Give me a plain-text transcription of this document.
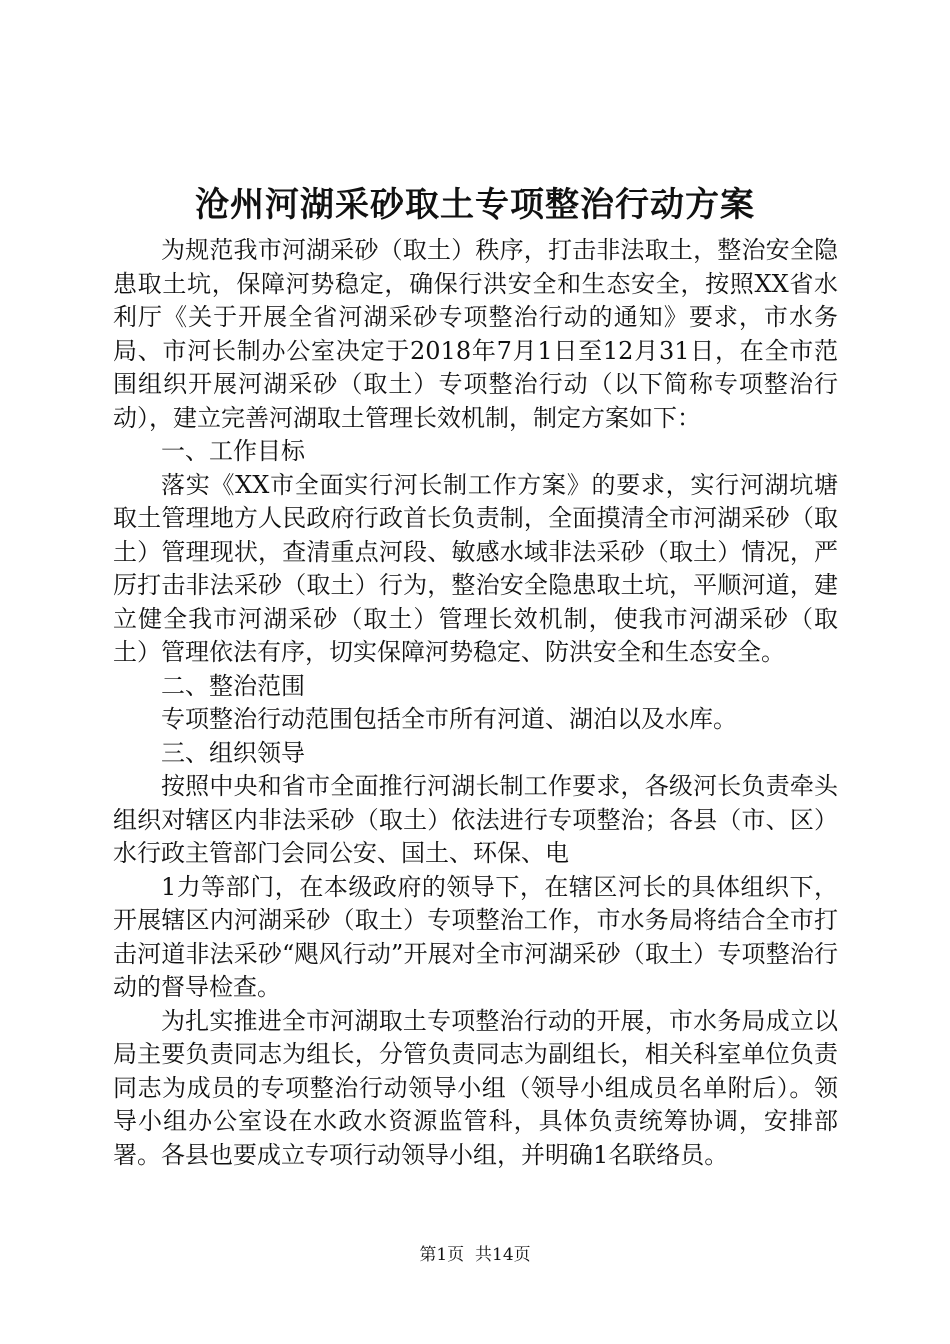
沧州河湖采砂取土专项整治行动方案

为规范我市河湖采砂（取土）秩序，打击非法取土，整治安全隐患取土坑，保障河势稳定，确保行洪安全和生态安全，按照XX省水利厅《关于开展全省河湖采砂专项整治行动的通知》要求，市水务局、市河长制办公室决定于2018年7月1日至12月31日，在全市范围组织开展河湖采砂（取土）专项整治行动（以下简称专项整治行动），建立完善河湖取土管理长效机制，制定方案如下：

一、工作目标

落实《XX市全面实行河长制工作方案》的要求，实行河湖坑塘取土管理地方人民政府行政首长负责制，全面摸清全市河湖采砂（取土）管理现状，查清重点河段、敏感水域非法采砂（取土）情况，严厉打击非法采砂（取土）行为，整治安全隐患取土坑，平顺河道，建立健全我市河湖采砂（取土）管理长效机制，使我市河湖采砂（取土）管理依法有序，切实保障河势稳定、防洪安全和生态安全。

二、整治范围

专项整治行动范围包括全市所有河道、湖泊以及水库。

三、组织领导

按照中央和省市全面推行河湖长制工作要求，各级河长负责牵头组织对辖区内非法采砂（取土）依法进行专项整治；各县（市、区）水行政主管部门会同公安、国土、环保、电

1力等部门，在本级政府的领导下，在辖区河长的具体组织下，开展辖区内河湖采砂（取土）专项整治工作，市水务局将结合全市打击河道非法采砂“飓风行动”开展对全市河湖采砂（取土）专项整治行动的督导检查。

为扎实推进全市河湖取土专项整治行动的开展，市水务局成立以局主要负责同志为组长，分管负责同志为副组长，相关科室单位负责同志为成员的专项整治行动领导小组（领导小组成员名单附后）。领导小组办公室设在水政水资源监管科，具体负责统筹协调，安排部署。各县也要成立专项行动领导小组，并明确1名联络员。

第1页 共14页
